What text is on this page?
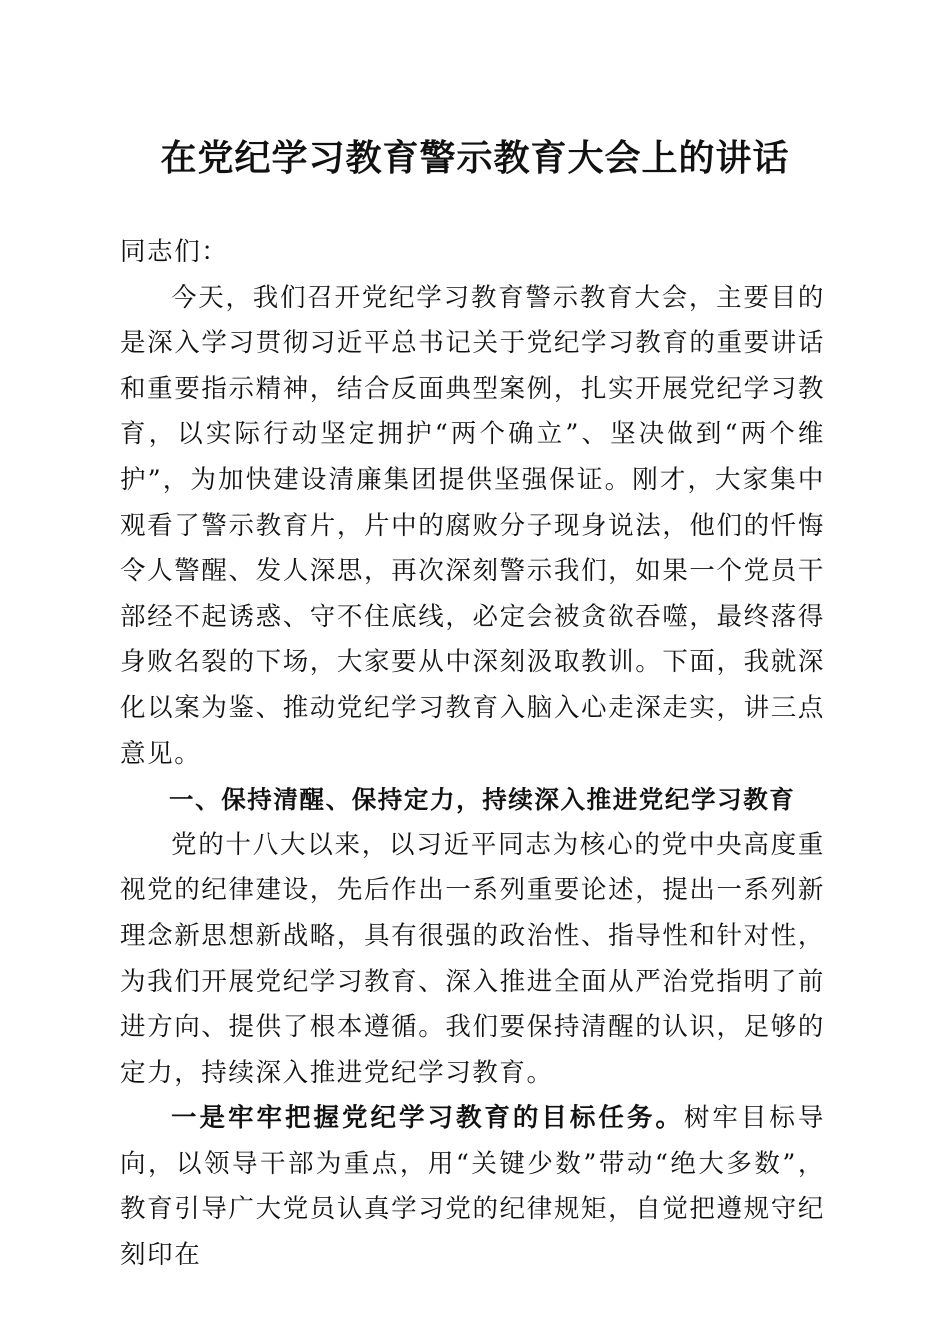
在党纪学习教育警示教育大会上的讲话

同志们：

今天，我们召开党纪学习教育警示教育大会，主要目的是深入学习贯彻习近平总书记关于党纪学习教育的重要讲话和重要指示精神，结合反面典型案例，扎实开展党纪学习教育，以实际行动坚定拥护“两个确立”、坚决做到“两个维护”，为加快建设清廉集团提供坚强保证。刚才，大家集中观看了警示教育片，片中的腐败分子现身说法，他们的忏悔令人警醒、发人深思，再次深刻警示我们，如果一个党员干部经不起诱惑、守不住底线，必定会被贪欲吞噬，最终落得身败名裂的下场，大家要从中深刻汲取教训。下面，我就深化以案为鉴、推动党纪学习教育入脑入心走深走实，讲三点意见。

一、保持清醒、保持定力，持续深入推进党纪学习教育

党的十八大以来，以习近平同志为核心的党中央高度重视党的纪律建设，先后作出一系列重要论述，提出一系列新理念新思想新战略，具有很强的政治性、指导性和针对性，为我们开展党纪学习教育、深入推进全面从严治党指明了前进方向、提供了根本遵循。我们要保持清醒的认识，足够的定力，持续深入推进党纪学习教育。

一是牢牢把握党纪学习教育的目标任务。树牢目标导向，以领导干部为重点，用“关键少数”带动“绝大多数”，教育引导广大党员认真学习党的纪律规矩，自觉把遵规守纪刻印在
